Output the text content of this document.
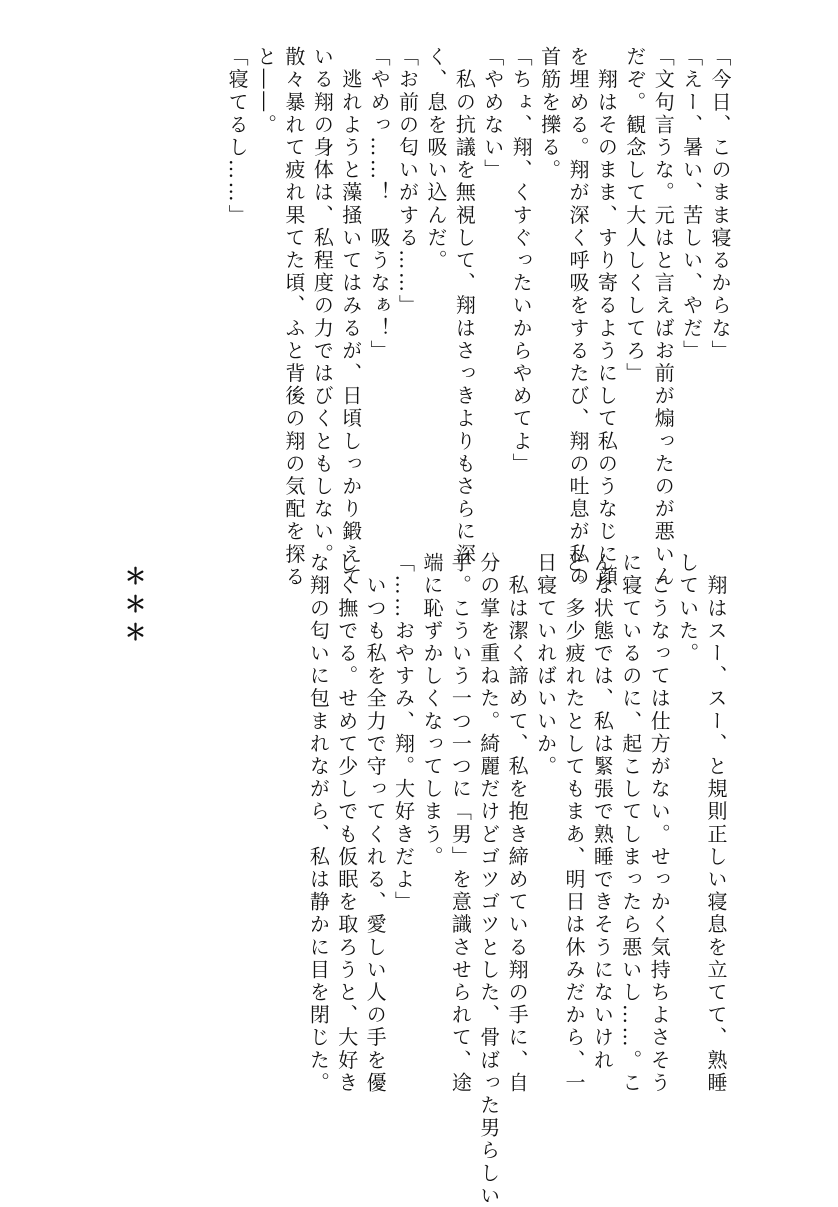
「今日、このまま寝るからな」
「えー、暑い、苦しい、やだ」
「文句言うな。元はと言えばお前が煽ったのが悪いん
だぞ。観念して大人しくしてろ」
　翔はそのまま、すり寄るようにして私のうなじに顔
を埋める。翔が深く呼吸をするたび、翔の吐息が私の
首筋を擽る。
「ちょ、翔、くすぐったいからやめてよ」
「やめない」
　私の抗議を無視して、翔はさっきよりもさらに深
く、息を吸い込んだ。
「お前の匂いがする……」
「やめっ……！　吸うなぁ！」
　逃れようと藻掻いてはみるが、日頃しっかり鍛えて
いる翔の身体は、私程度の力ではびくともしない。
散々暴れて疲れ果てた頃、ふと背後の翔の気配を探る
と――。
「寝てるし……」
　翔はスー、スー、と規則正しい寝息を立てて、熟睡
していた。
　こうなっては仕方がない。せっかく気持ちよさそう
に寝ているのに、起こしてしまったら悪いし……。こ
んな状態では、私は緊張で熟睡できそうにないけれ
ど。多少疲れたとしてもまあ、明日は休みだから、一
日寝ていればいいか。
　私は潔く諦めて、私を抱き締めている翔の手に、自
分の掌を重ねた。綺麗だけどゴツゴツとした、骨ばった男らしい
手。こういう一つ一つに「男」を意識させられて、途
端に恥ずかしくなってしまう。
「……おやすみ、翔。大好きだよ」
　いつも私を全力で守ってくれる、愛しい人の手を優
しく撫でる。せめて少しでも仮眠を取ろうと、大好き
な翔の匂いに包まれながら、私は静かに目を閉じた。
＊＊＊
